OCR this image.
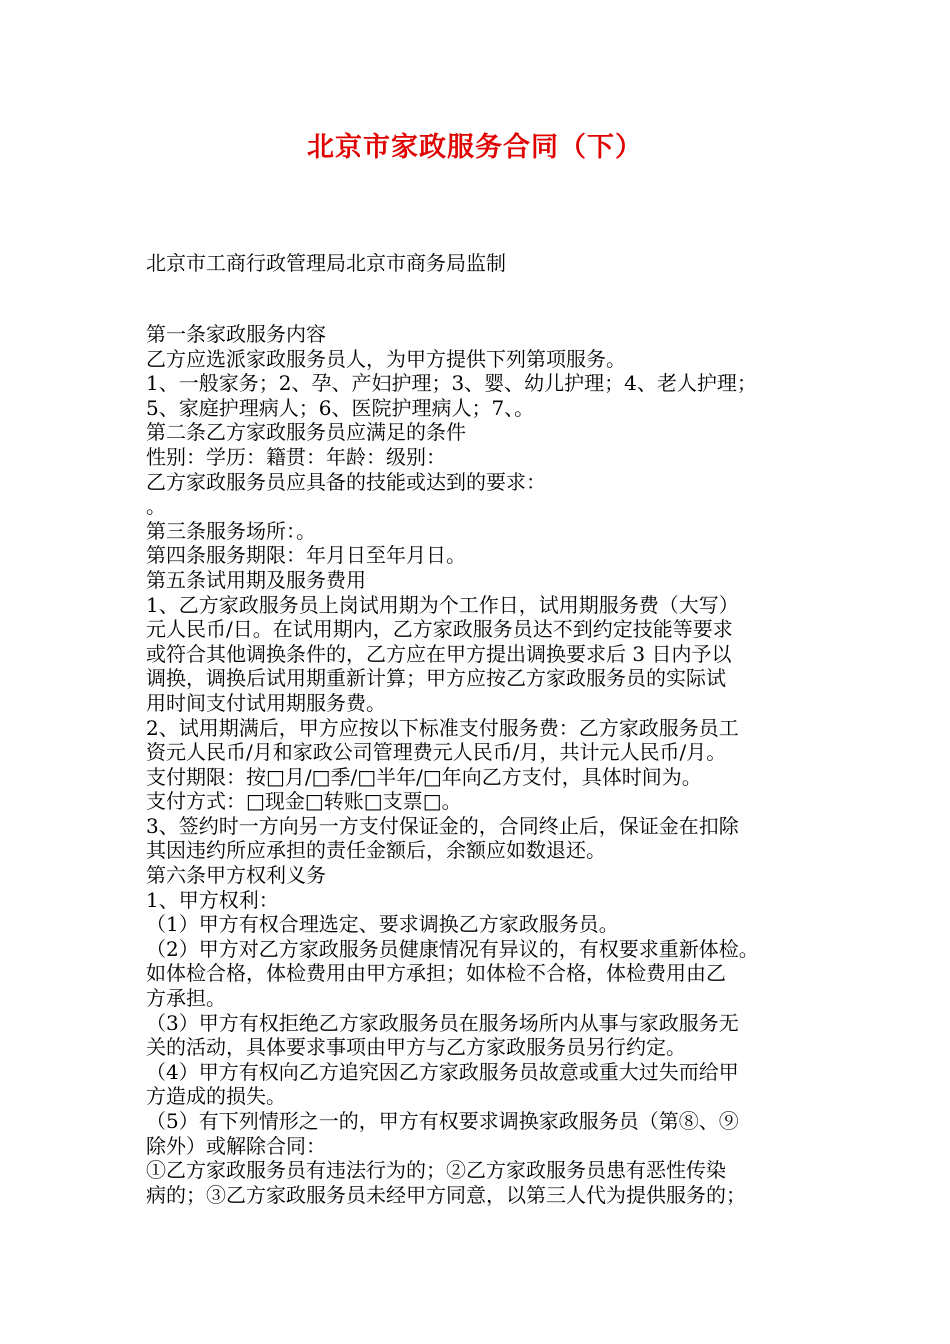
北京市家政服务合同（下）
北京市工商行政管理局北京市商务局监制
第一条家政服务内容
乙方应选派家政服务员人，为甲方提供下列第项服务。
1、一般家务；2、孕、产妇护理；3、婴、幼儿护理；4、老人护理；
5、家庭护理病人；6、医院护理病人；7、。
第二条乙方家政服务员应满足的条件
性别：学历：籍贯：年龄：级别：
乙方家政服务员应具备的技能或达到的要求：
。
第三条服务场所：。
第四条服务期限：年月日至年月日。
第五条试用期及服务费用
1、乙方家政服务员上岗试用期为个工作日，试用期服务费（大写）
元人民币/日。在试用期内，乙方家政服务员达不到约定技能等要求
或符合其他调换条件的，乙方应在甲方提出调换要求后 3 日内予以
调换，调换后试用期重新计算；甲方应按乙方家政服务员的实际试
用时间支付试用期服务费。
2、试用期满后，甲方应按以下标准支付服务费：乙方家政服务员工
资元人民币/月和家政公司管理费元人民币/月，共计元人民币/月。
支付期限：按□月/□季/□半年/□年向乙方支付，具体时间为。
支付方式：□现金□转账□支票□。
3、签约时一方向另一方支付保证金的，合同终止后，保证金在扣除
其因违约所应承担的责任金额后，余额应如数退还。
第六条甲方权利义务
1、甲方权利：
（1）甲方有权合理选定、要求调换乙方家政服务员。
（2）甲方对乙方家政服务员健康情况有异议的，有权要求重新体检。
如体检合格，体检费用由甲方承担；如体检不合格，体检费用由乙
方承担。
（3）甲方有权拒绝乙方家政服务员在服务场所内从事与家政服务无
关的活动，具体要求事项由甲方与乙方家政服务员另行约定。
（4）甲方有权向乙方追究因乙方家政服务员故意或重大过失而给甲
方造成的损失。
（5）有下列情形之一的，甲方有权要求调换家政服务员（第⑧、⑨
除外）或解除合同：
①乙方家政服务员有违法行为的；②乙方家政服务员患有恶性传染
病的；③乙方家政服务员未经甲方同意，以第三人代为提供服务的；
